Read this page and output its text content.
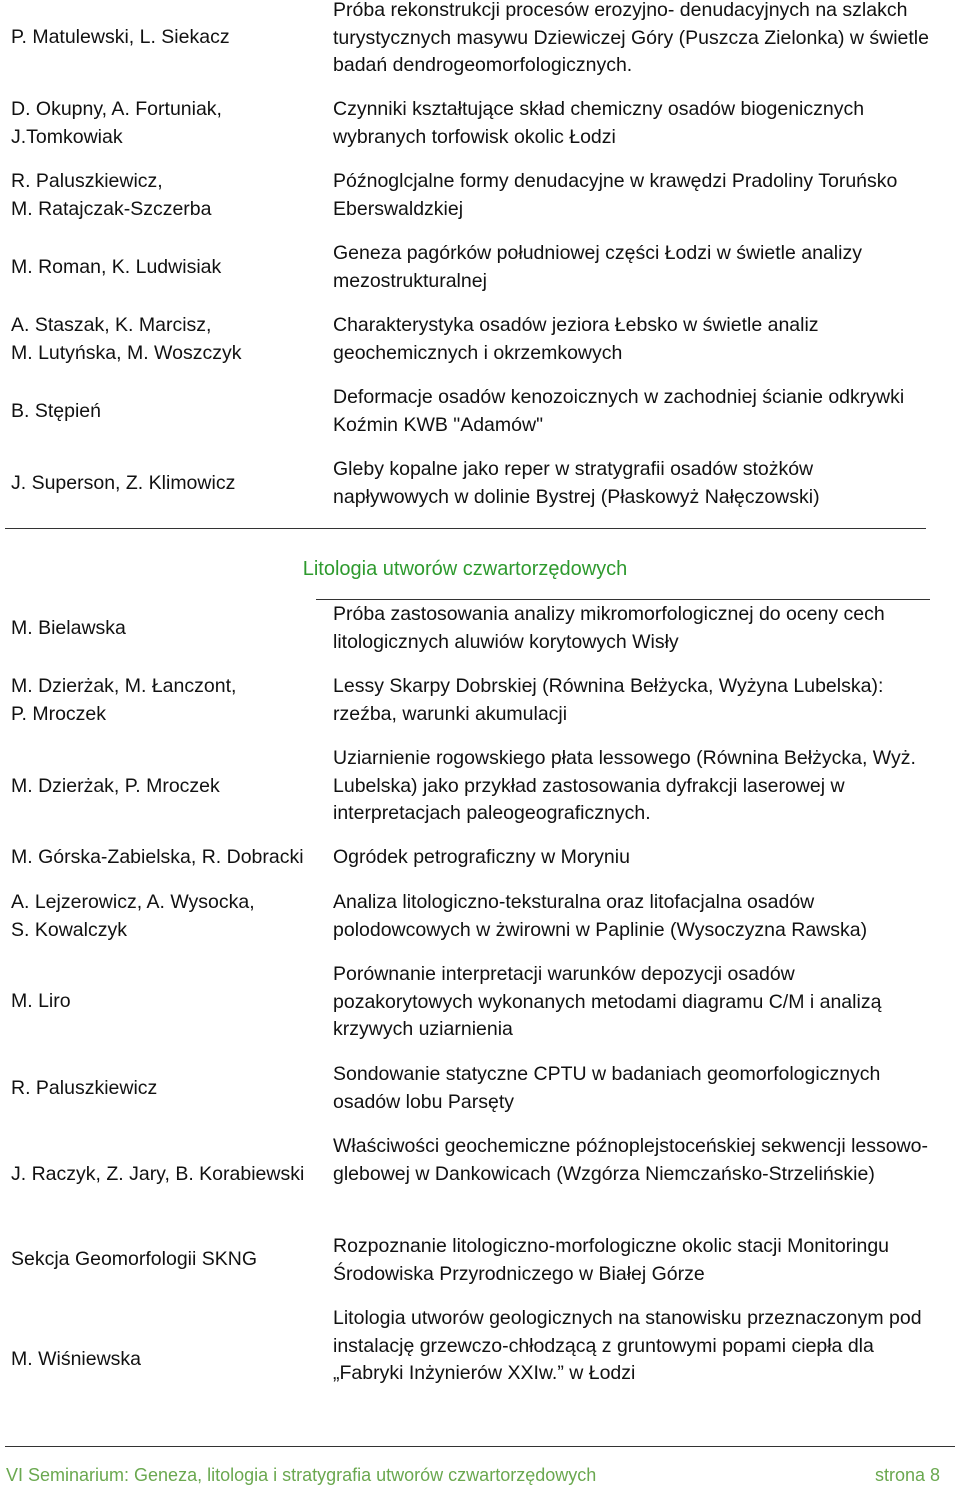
P. Matulewski, L. Siekacz
Próba rekonstrukcji procesów erozyjno- denudacyjnych na szlakch turystycznych masywu Dziewiczej Góry (Puszcza Zielonka) w świetle badań dendrogeomorfologicznych.
D. Okupny, A. Fortuniak,
J.Tomkowiak
Czynniki kształtujące skład chemiczny osadów biogenicznych wybranych torfowisk okolic Łodzi
R. Paluszkiewicz,
M. Ratajczak-Szczerba
Późnoglcjalne formy denudacyjne w krawędzi Pradoliny Toruńsko Eberswaldzkiej
M. Roman, K. Ludwisiak
Geneza pagórków południowej części Łodzi w świetle analizy mezostrukturalnej
A. Staszak, K. Marcisz,
M. Lutyńska, M. Woszczyk
Charakterystyka osadów jeziora Łebsko w świetle analiz geochemicznych i okrzemkowych
B. Stępień
Deformacje osadów kenozoicznych w zachodniej ścianie odkrywki Koźmin KWB "Adamów"
J. Superson, Z. Klimowicz
Gleby kopalne jako reper w stratygrafii osadów stożków napływowych w dolinie Bystrej (Płaskowyż Nałęczowski)
Litologia utworów czwartorzędowych
M. Bielawska
Próba zastosowania analizy mikromorfologicznej do oceny cech litologicznych aluwiów korytowych Wisły
M. Dzierżak, M. Łanczont,
P. Mroczek
Lessy Skarpy Dobrskiej (Równina Bełżycka, Wyżyna Lubelska): rzeźba, warunki akumulacji
M. Dzierżak, P. Mroczek
Uziarnienie rogowskiego płata lessowego (Równina Bełżycka, Wyż. Lubelska) jako przykład zastosowania dyfrakcji laserowej w interpretacjach paleogeograficznych.
M. Górska-Zabielska, R. Dobracki	Ogródek petrograficzny w Moryniu
A. Lejzerowicz, A. Wysocka,
S. Kowalczyk
Analiza litologiczno-teksturalna oraz litofacjalna osadów polodowcowych w żwirowni w Paplinie (Wysoczyzna Rawska)
M. Liro
Porównanie interpretacji warunków depozycji osadów pozakorytowych wykonanych metodami diagramu C/M i analizą krzywych uziarnienia
R. Paluszkiewicz
Sondowanie statyczne CPTU w badaniach geomorfologicznych osadów lobu Parsęty
J. Raczyk, Z. Jary, B. Korabiewski
Właściwości geochemiczne późnoplejstoceńskiej sekwencji lessowo-glebowej w Dankowicach (Wzgórza Niemczańsko-Strzelińskie)
Sekcja Geomorfologii SKNG
Rozpoznanie litologiczno-morfologiczne okolic stacji Monitoringu Środowiska Przyrodniczego w Białej Górze
M. Wiśniewska
Litologia utworów geologicznych na stanowisku przeznaczonym pod instalację grzewczo-chłodzącą z gruntowymi popami ciepła dla „Fabryki Inżynierów XXIw.” w Łodzi
VI Seminarium: Geneza, litologia i stratygrafia utworów czwartorzędowych	strona 8
